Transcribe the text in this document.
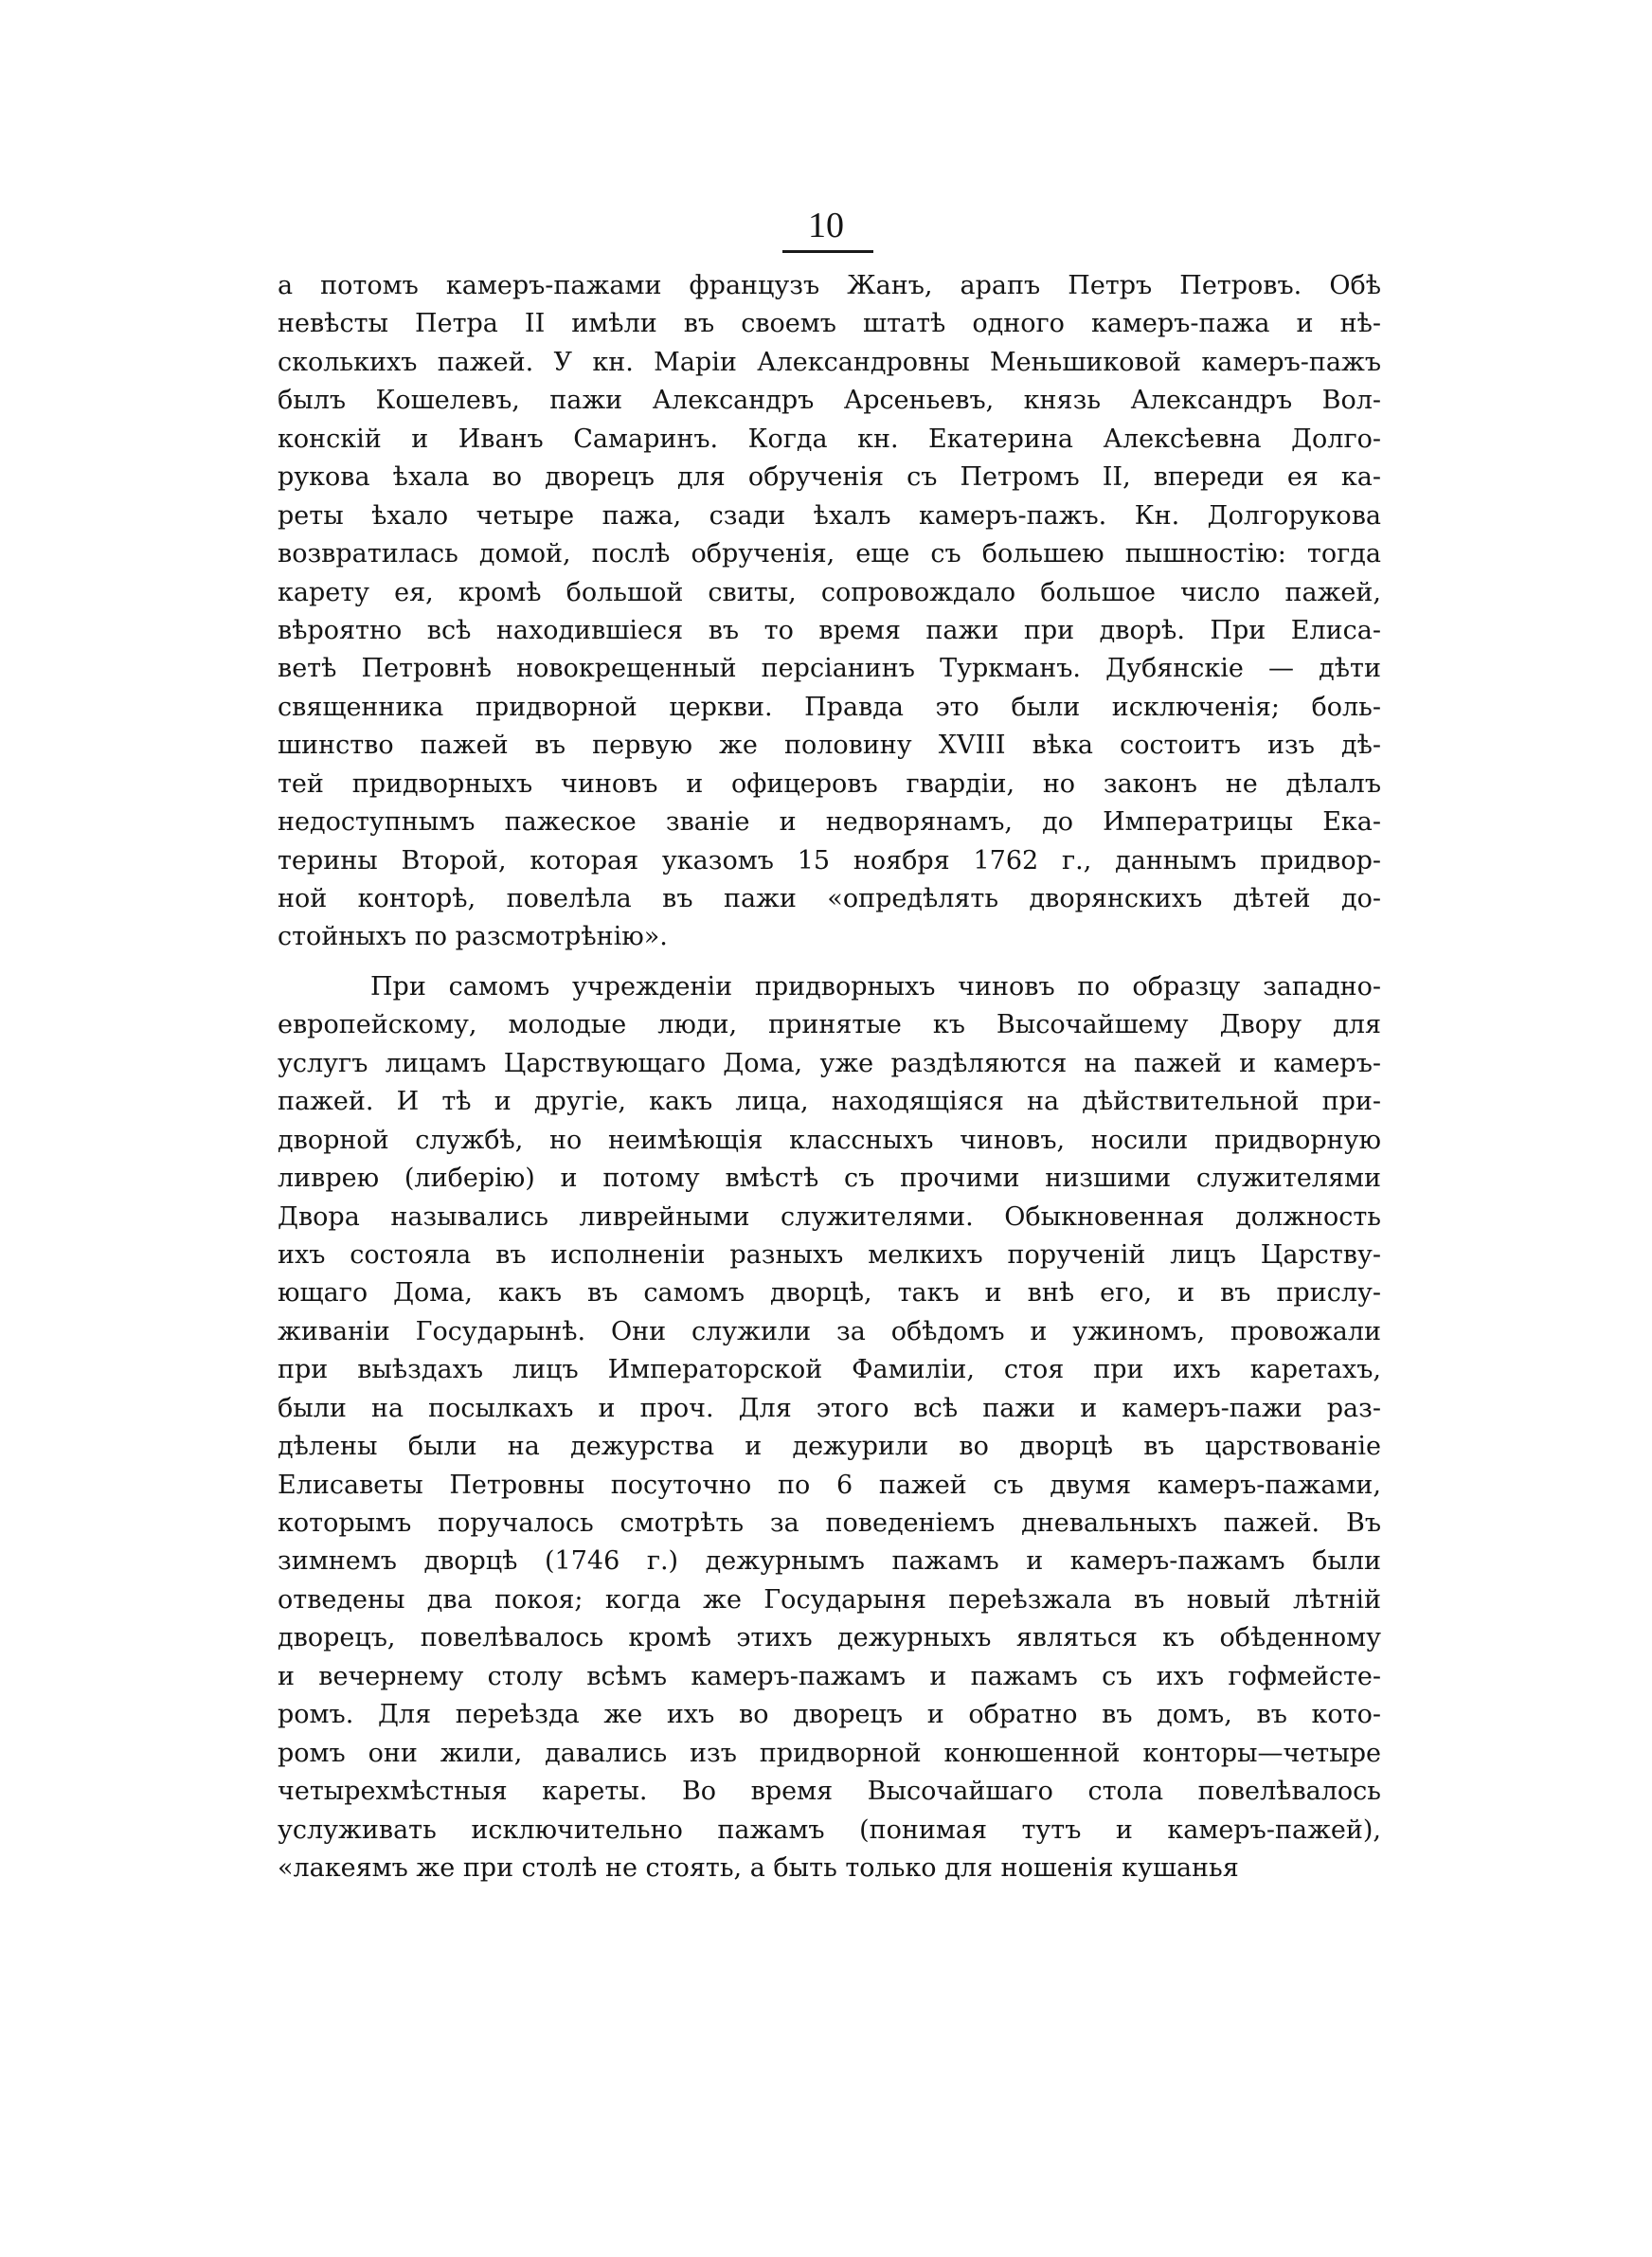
10
а потомъ камеръ-пажами французъ Жанъ, арапъ Петръ Петровъ. Обѣ
невѣсты Петра II имѣли въ своемъ штатѣ одного камеръ-пажа и нѣ-
сколькихъ пажей. У кн. Маріи Александровны Меньшиковой камеръ-пажъ
былъ Кошелевъ, пажи Александръ Арсеньевъ, князь Александръ Вол-
конскій и Иванъ Самаринъ. Когда кн. Екатерина Алексѣевна Долго-
рукова ѣхала во дворецъ для обрученія съ Петромъ II, впереди ея ка-
реты ѣхало четыре пажа, сзади ѣхалъ камеръ-пажъ. Кн. Долгорукова
возвратилась домой, послѣ обрученія, еще съ большею пышностію: тогда
карету ея, кромѣ большой свиты, сопровождало большое число пажей,
вѣроятно всѣ находившіеся въ то время пажи при дворѣ. При Елиса-
ветѣ Петровнѣ новокрещенный персіанинъ Туркманъ. Дубянскіе — дѣти
священника придворной церкви. Правда это были исключенія; боль-
шинство пажей въ первую же половину XVIII вѣка состоитъ изъ дѣ-
тей придворныхъ чиновъ и офицеровъ гвардіи, но законъ не дѣлалъ
недоступнымъ пажеское званіе и недворянамъ, до Императрицы Ека-
терины Второй, которая указомъ 15 ноября 1762 г., даннымъ придвор-
ной конторѣ, повелѣла въ пажи «опредѣлять дворянскихъ дѣтей до-
стойныхъ по разсмотрѣнію».
При самомъ учрежденіи придворныхъ чиновъ по образцу западно-
европейскому, молодые люди, принятые къ Высочайшему Двору для
услугъ лицамъ Царствующаго Дома, уже раздѣляются на пажей и камеръ-
пажей. И тѣ и другіе, какъ лица, находящіяся на дѣйствительной при-
дворной службѣ, но неимѣющія классныхъ чиновъ, носили придворную
ливрею (либерію) и потому вмѣстѣ съ прочими низшими служителями
Двора назывались ливрейными служителями. Обыкновенная должность
ихъ состояла въ исполненіи разныхъ мелкихъ порученій лицъ Царству-
ющаго Дома, какъ въ самомъ дворцѣ, такъ и внѣ его, и въ прислу-
живаніи Государынѣ. Они служили за обѣдомъ и ужиномъ, провожали
при выѣздахъ лицъ Императорской Фамиліи, стоя при ихъ каретахъ,
были на посылкахъ и проч. Для этого всѣ пажи и камеръ-пажи раз-
дѣлены были на дежурства и дежурили во дворцѣ въ царствованіе
Елисаветы Петровны посуточно по 6 пажей съ двумя камеръ-пажами,
которымъ поручалось смотрѣть за поведеніемъ дневальныхъ пажей. Въ
зимнемъ дворцѣ (1746 г.) дежурнымъ пажамъ и камеръ-пажамъ были
отведены два покоя; когда же Государыня переѣзжала въ новый лѣтній
дворецъ, повелѣвалось кромѣ этихъ дежурныхъ являться къ обѣденному
и вечернему столу всѣмъ камеръ-пажамъ и пажамъ съ ихъ гофмейсте-
ромъ. Для переѣзда же ихъ во дворецъ и обратно въ домъ, въ кото-
ромъ они жили, давались изъ придворной конюшенной конторы—четыре
четырехмѣстныя кареты. Во время Высочайшаго стола повелѣвалось
услуживать исключительно пажамъ (понимая тутъ и камеръ-пажей),
«лакеямъ же при столѣ не стоять, а быть только для ношенія кушанья
